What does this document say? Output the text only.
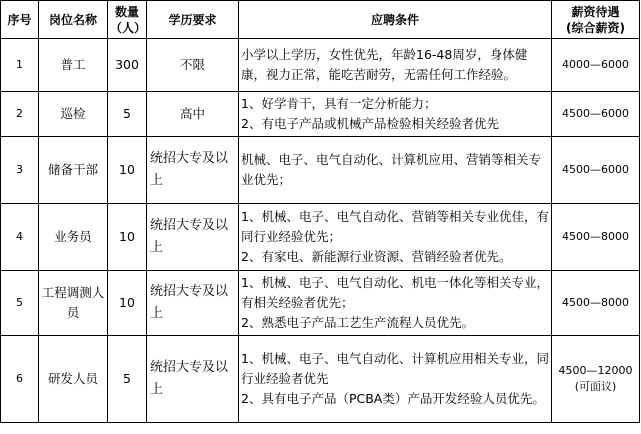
序号	岗位名称	数量
（人）	学历要求	应聘条件	薪资待遇
(综合薪资)
1	普工	300	不限	小学以上学历，女性优先，年龄16-48周岁，身体健康，视力正常，能吃苦耐劳，无需任何工作经验。	4000—6000

2	巡检	5	高中	1、好学肯干，具有一定分析能力；
2、有电子产品或机械产品检验相关经验者优先	4500—6000

3	储备干部	10	统招大专及以上	机械、电子、电气自动化、计算机应用、营销等相关专业优先；	4500—6000

4	业务员	10	统招大专及以上	1、机械、电子、电气自动化、营销等相关专业优佳，有同行业经验优先；
2、有家电、新能源行业资源、营销经验者优先。	4500—8000

5	工程调测人员	10	统招大专及以上	1、机械、电子、电气自动化、机电一体化等相关专业，有相关经验者优先；
2、熟悉电子产品工艺生产流程人员优先。	4500—8000

6	研发人员	5	统招大专及以上	1、机械、电子、电气自动化、计算机应用相关专业，同行业经验者优先
2、具有电子产品（PCBA类）产品开发经验人员优先。	4500—12000
(可面议)
